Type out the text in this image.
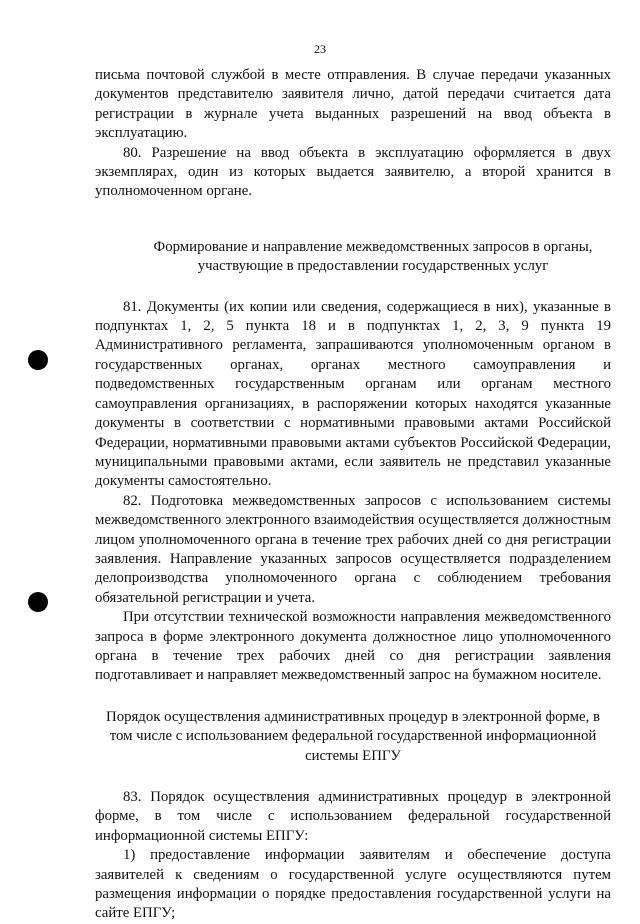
23

письма почтовой службой в месте отправления. В случае передачи указанных документов представителю заявителя лично, датой передачи считается дата регистрации в журнале учета выданных разрешений на ввод объекта в эксплуатацию.

80. Разрешение на ввод объекта в эксплуатацию оформляется в двух экземплярах, один из которых выдается заявителю, а второй хранится в уполномоченном органе.

Формирование и направление межведомственных запросов в органы, участвующие в предоставлении государственных услуг

81. Документы (их копии или сведения, содержащиеся в них), указанные в подпунктах 1, 2, 5 пункта 18 и в подпунктах 1, 2, 3, 9 пункта 19 Административного регламента, запрашиваются уполномоченным органом в государственных органах, органах местного самоуправления и подведомственных государственным органам или органам местного самоуправления организациях, в распоряжении которых находятся указанные документы в соответствии с нормативными правовыми актами Российской Федерации, нормативными правовыми актами субъектов Российской Федерации, муниципальными правовыми актами, если заявитель не представил указанные документы самостоятельно.

82. Подготовка межведомственных запросов с использованием системы межведомственного электронного взаимодействия осуществляется должностным лицом уполномоченного органа в течение трех рабочих дней со дня регистрации заявления. Направление указанных запросов осуществляется подразделением делопроизводства уполномоченного органа с соблюдением требования обязательной регистрации и учета.

При отсутствии технической возможности направления межведомственного запроса в форме электронного документа должностное лицо уполномоченного органа в течение трех рабочих дней со дня регистрации заявления подготавливает и направляет межведомственный запрос на бумажном носителе.

Порядок осуществления административных процедур в электронной форме, в том числе с использованием федеральной государственной информационной системы ЕПГУ

83. Порядок осуществления административных процедур в электронной форме, в том числе с использованием федеральной государственной информационной системы ЕПГУ:

1) предоставление информации заявителям и обеспечение доступа заявителей к сведениям о государственной услуге осуществляются путем размещения информации о порядке предоставления государственной услуги на сайте ЕПГУ;
